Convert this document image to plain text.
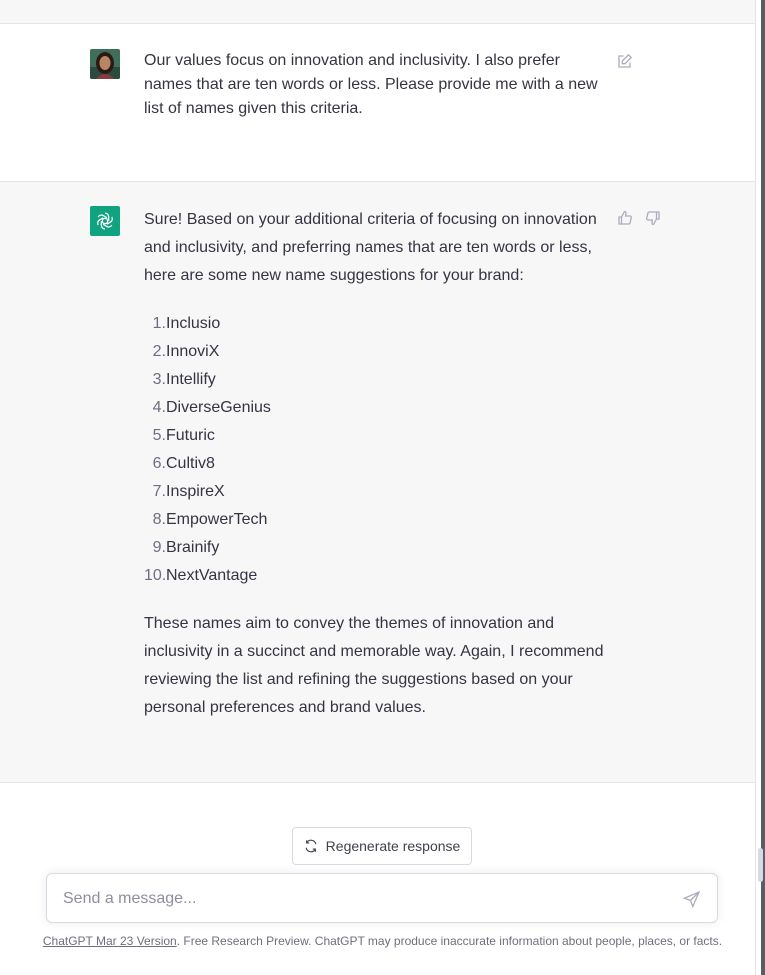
Our values focus on innovation and inclusivity. I also prefer names that are ten words or less. Please provide me with a new list of names given this criteria.

Sure! Based on your additional criteria of focusing on innovation and inclusivity, and preferring names that are ten words or less, here are some new name suggestions for your brand:

1. Inclusio
2. InnoviX
3. Intellify
4. DiverseGenius
5. Futuric
6. Cultiv8
7. InspireX
8. EmpowerTech
9. Brainify
10. NextVantage

These names aim to convey the themes of innovation and inclusivity in a succinct and memorable way. Again, I recommend reviewing the list and refining the suggestions based on your personal preferences and brand values.

Regenerate response
Send a message...
ChatGPT Mar 23 Version. Free Research Preview. ChatGPT may produce inaccurate information about people, places, or facts.
